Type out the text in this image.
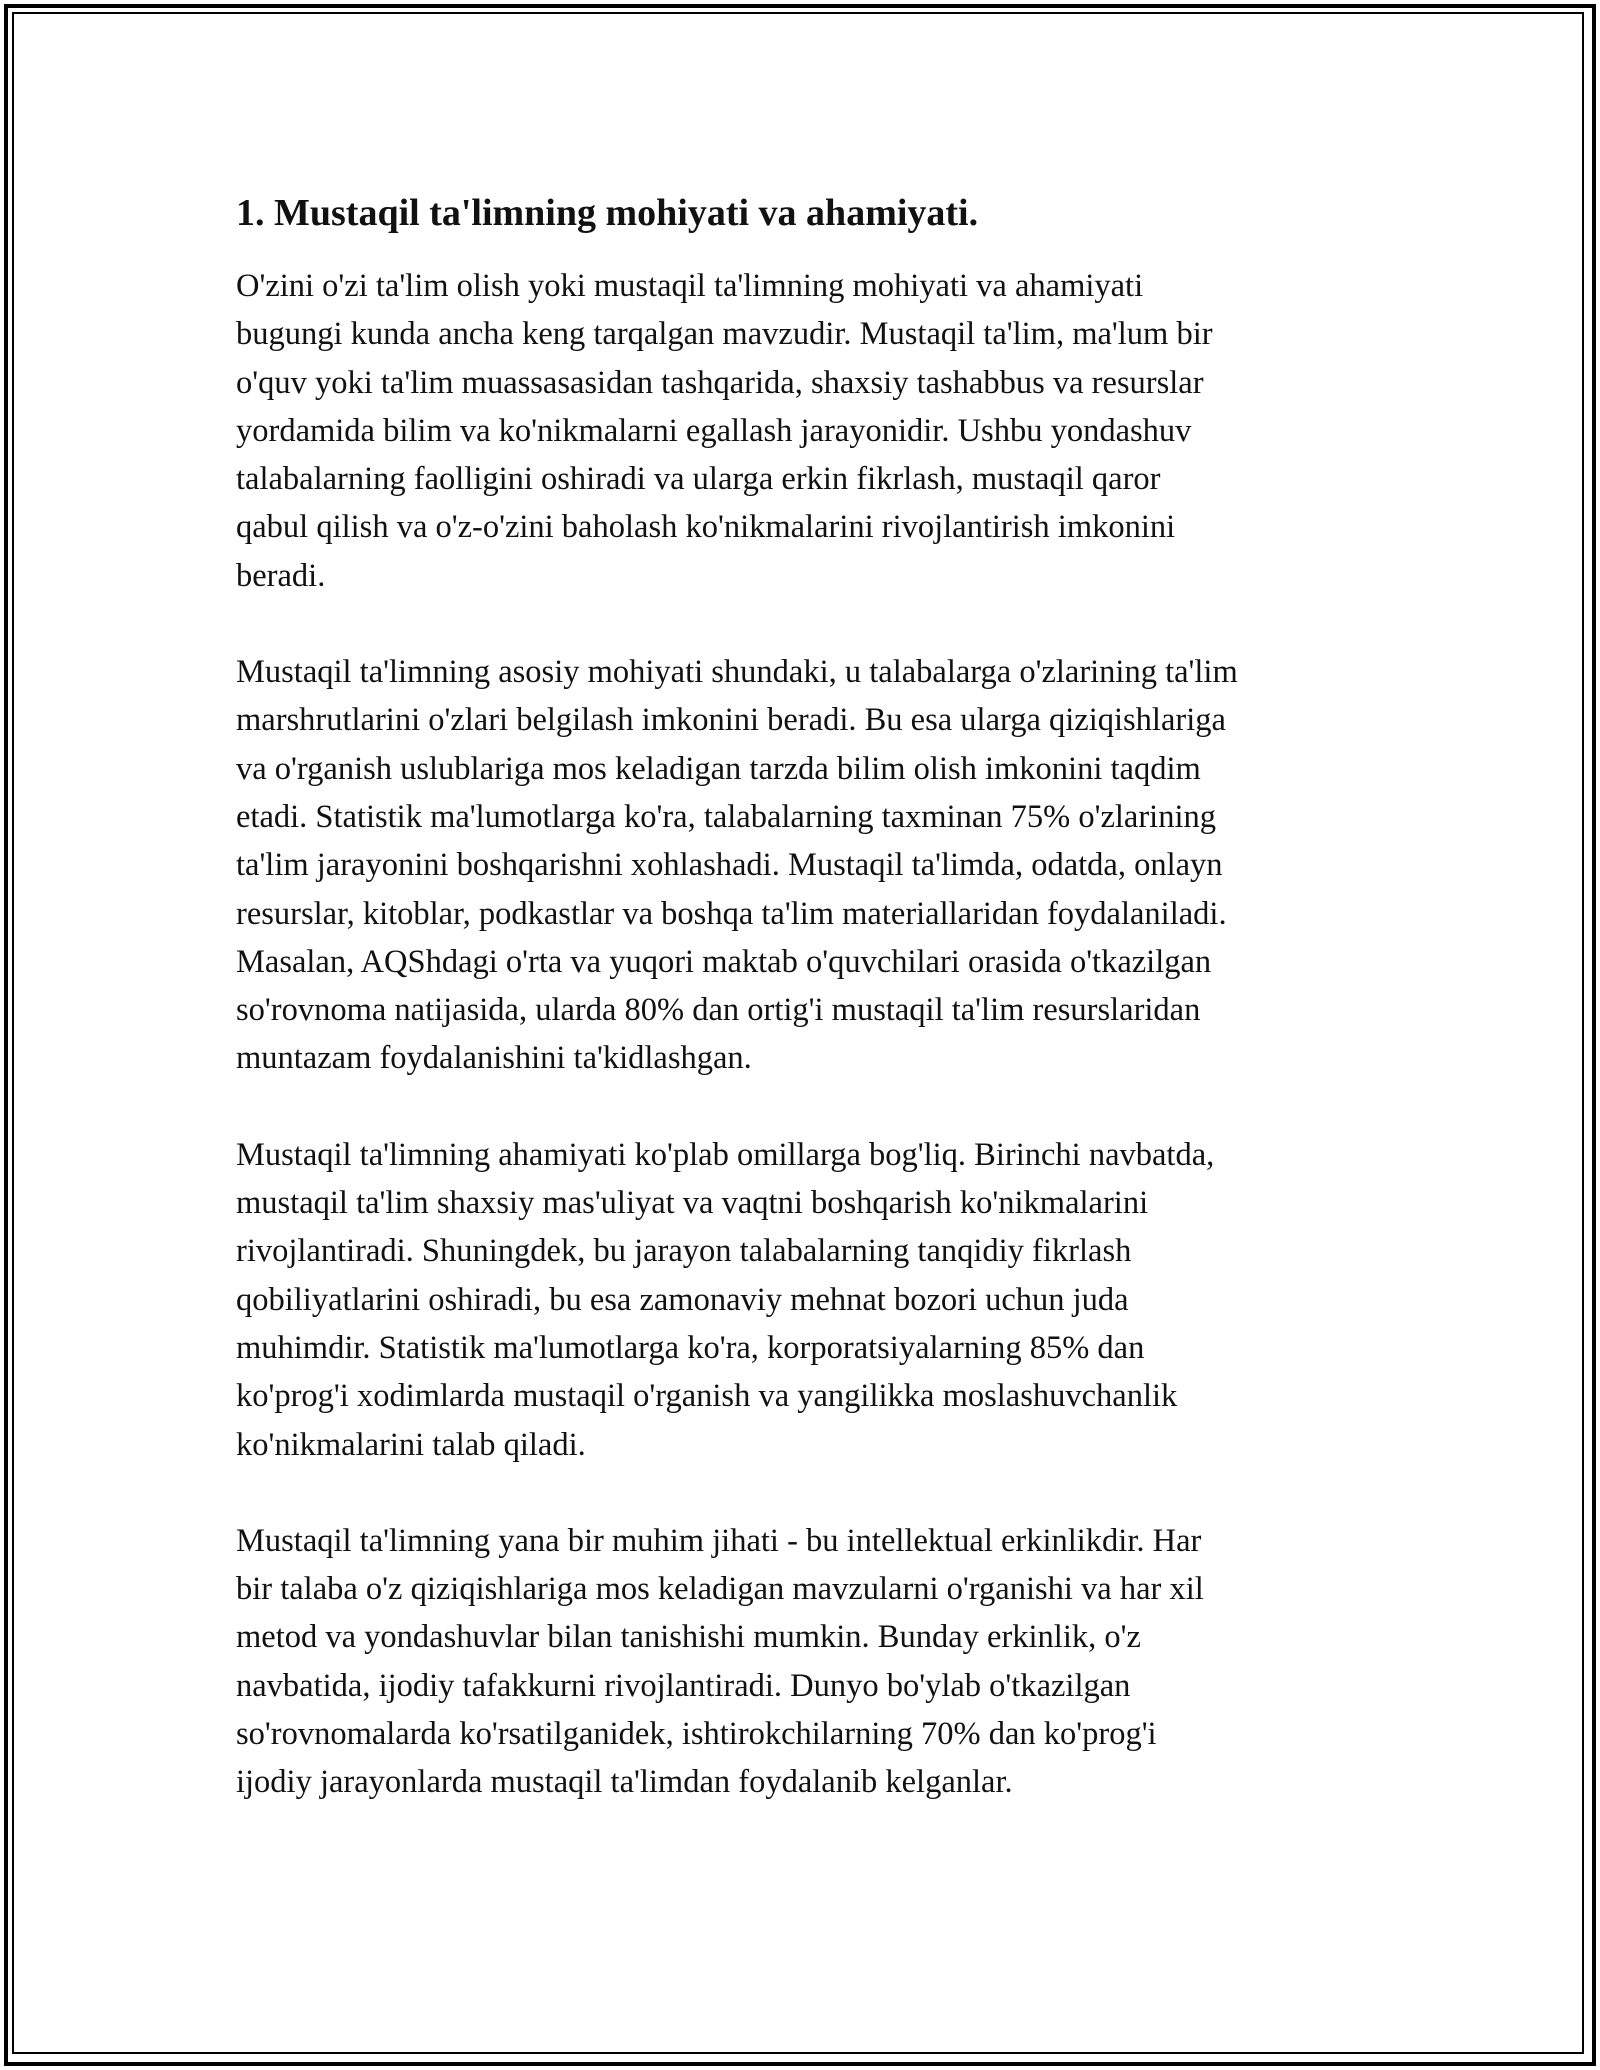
1. Mustaqil ta'limning mohiyati va ahamiyati.

O'zini o'zi ta'lim olish yoki mustaqil ta'limning mohiyati va ahamiyati
bugungi kunda ancha keng tarqalgan mavzudir. Mustaqil ta'lim, ma'lum bir
o'quv yoki ta'lim muassasasidan tashqarida, shaxsiy tashabbus va resurslar
yordamida bilim va ko'nikmalarni egallash jarayonidir. Ushbu yondashuv
talabalarning faolligini oshiradi va ularga erkin fikrlash, mustaqil qaror
qabul qilish va o'z-o'zini baholash ko'nikmalarini rivojlantirish imkonini
beradi.

Mustaqil ta'limning asosiy mohiyati shundaki, u talabalarga o'zlarining ta'lim
marshrutlarini o'zlari belgilash imkonini beradi. Bu esa ularga qiziqishlariga
va o'rganish uslublariga mos keladigan tarzda bilim olish imkonini taqdim
etadi. Statistik ma'lumotlarga ko'ra, talabalarning taxminan 75% o'zlarining
ta'lim jarayonini boshqarishni xohlashadi. Mustaqil ta'limda, odatda, onlayn
resurslar, kitoblar, podkastlar va boshqa ta'lim materiallaridan foydalaniladi.
Masalan, AQShdagi o'rta va yuqori maktab o'quvchilari orasida o'tkazilgan
so'rovnoma natijasida, ularda 80% dan ortig'i mustaqil ta'lim resurslaridan
muntazam foydalanishini ta'kidlashgan.

Mustaqil ta'limning ahamiyati ko'plab omillarga bog'liq. Birinchi navbatda,
mustaqil ta'lim shaxsiy mas'uliyat va vaqtni boshqarish ko'nikmalarini
rivojlantiradi. Shuningdek, bu jarayon talabalarning tanqidiy fikrlash
qobiliyatlarini oshiradi, bu esa zamonaviy mehnat bozori uchun juda
muhimdir. Statistik ma'lumotlarga ko'ra, korporatsiyalarning 85% dan
ko'prog'i xodimlarda mustaqil o'rganish va yangilikka moslashuvchanlik
ko'nikmalarini talab qiladi.

Mustaqil ta'limning yana bir muhim jihati - bu intellektual erkinlikdir. Har
bir talaba o'z qiziqishlariga mos keladigan mavzularni o'rganishi va har xil
metod va yondashuvlar bilan tanishishi mumkin. Bunday erkinlik, o'z
navbatida, ijodiy tafakkurni rivojlantiradi. Dunyo bo'ylab o'tkazilgan
so'rovnomalarda ko'rsatilganidek, ishtirokchilarning 70% dan ko'prog'i
ijodiy jarayonlarda mustaqil ta'limdan foydalanib kelganlar.
